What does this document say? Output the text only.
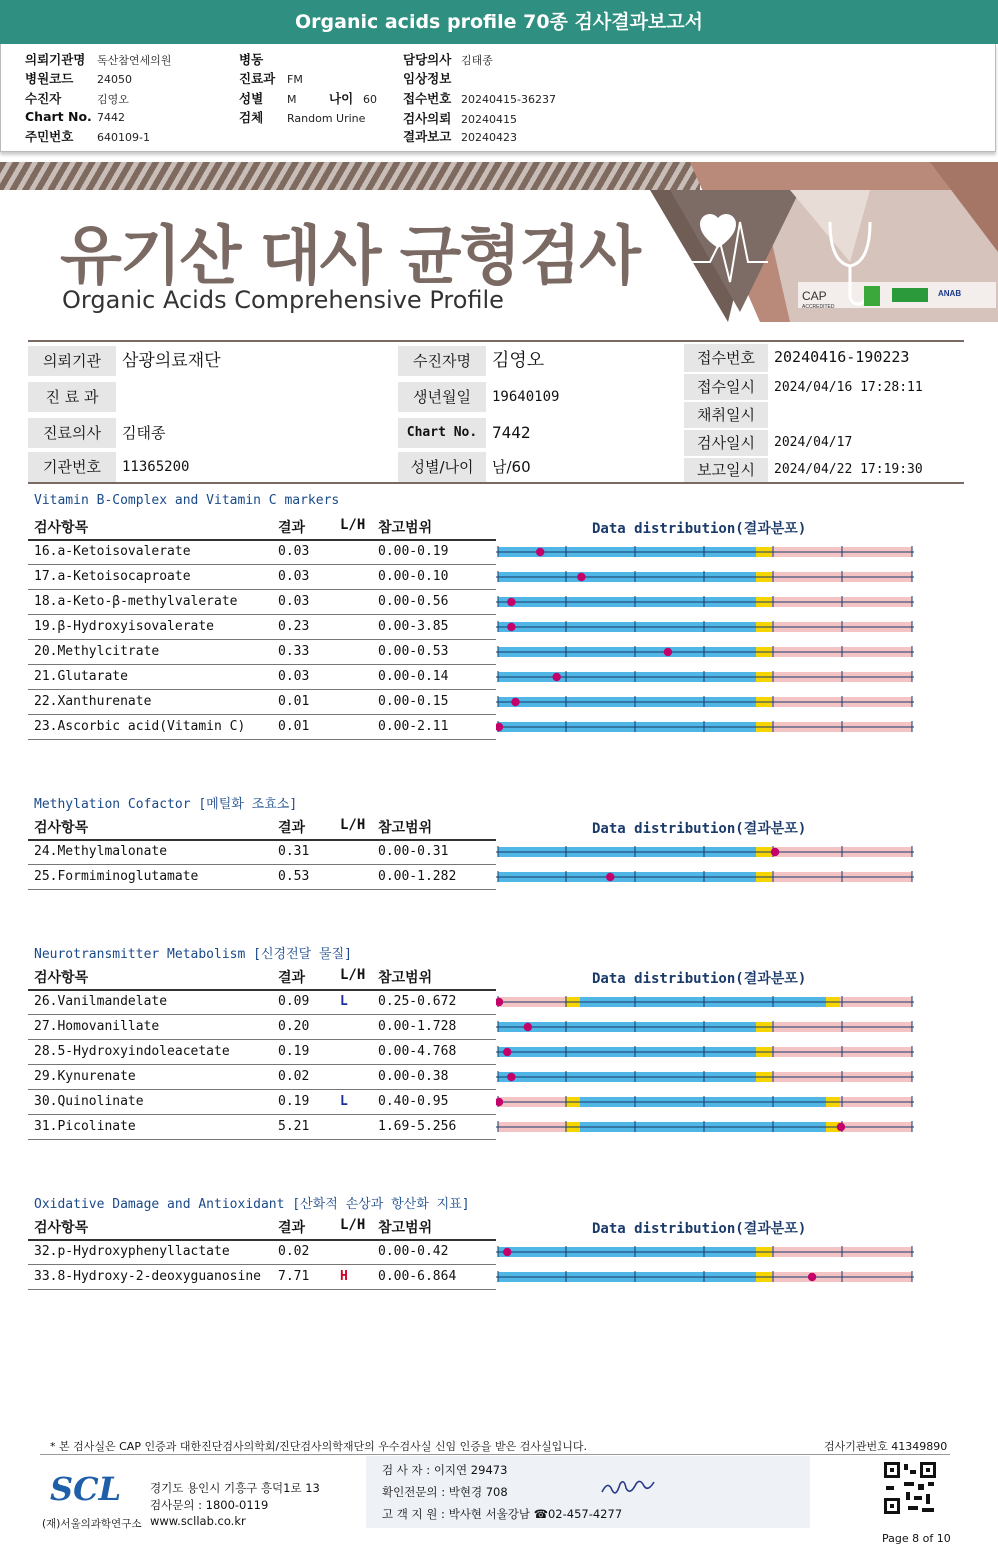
Organic acids profile 70종 검사결과보고서
의뢰기관명 독산참연세의원
병원코드 24050
수진자	김영오
Chart No. 7442
주민번호 640109-1
병동
진료과 FM
성별 M	나이 60
검체 Random Urine
담당의사 김태종
임상정보
접수번호 20240415-36237
검사의뢰 20240415
결과보고 20240423
CAP
ACCREDITED
ANAB
유기산 대사 균형검사
Organic Acids Comprehensive Profile
의뢰기관	삼광의료재단
진 료 과
진료의사	김태종
기관번호	11365200
수진자명	김영오
생년월일	19640109
Chart No. 7442
성별/나이	남/60
접수번호	20240416-190223
접수일시	2024/04/16 17:28:11
채취일시
검사일시	2024/04/17
보고일시	2024/04/22 17:19:30
Vitamin B-Complex and Vitamin C markers
검사항목	결과 L/H 참고범위	Data distribution(결과분포)
16.a-Ketoisovalerate	0.03	0.00-0.19
17.a-Ketoisocaproate	0.03	0.00-0.10
18.a-Keto-β-methylvalerate	0.03	0.00-0.56
19.β-Hydroxyisovalerate	0.23	0.00-3.85
20.Methylcitrate	0.33	0.00-0.53
21.Glutarate	0.03	0.00-0.14
22.Xanthurenate	0.01	0.00-0.15
23.Ascorbic acid(Vitamin C)	0.01	0.00-2.11
Methylation Cofactor [메틸화 조효소]
검사항목	결과 L/H 참고범위	Data distribution(결과분포)
24.Methylmalonate	0.31	0.00-0.31
25.Formiminoglutamate	0.53	0.00-1.282
Neurotransmitter Metabolism [신경전달 물질]
검사항목	결과 L/H 참고범위	Data distribution(결과분포)
26.Vanilmandelate	0.09 L 0.25-0.672
27.Homovanillate	0.20	0.00-1.728
28.5-Hydroxyindoleacetate	0.19	0.00-4.768
29.Kynurenate	0.02	0.00-0.38
30.Quinolinate	0.19 L 0.40-0.95
31.Picolinate	5.21	1.69-5.256
Oxidative Damage and Antioxidant [산화적 손상과 항산화 지표]
검사항목	결과 L/H 참고범위	Data distribution(결과분포)
32.p-Hydroxyphenyllactate	0.02	0.00-0.42
33.8-Hydroxy-2-deoxyguanosine 7.71 H 0.00-6.864
* 본 검사실은 CAP 인증과 대한진단검사의학회/진단검사의학재단의 우수검사실 신임 인증을 받은 검사실입니다.	검사기관번호 41349890
SCL
(재)서울의과학연구소
경기도 용인시 기흥구 흥덕1로 13
검사문의 : 1800-0119
www.scllab.co.kr
검 사 자 : 이지연 29473
확인전문의 : 박현경 708
고 객 지 원 : 박사현 서울강남 ☎02-457-4277
Page 8 of 10
